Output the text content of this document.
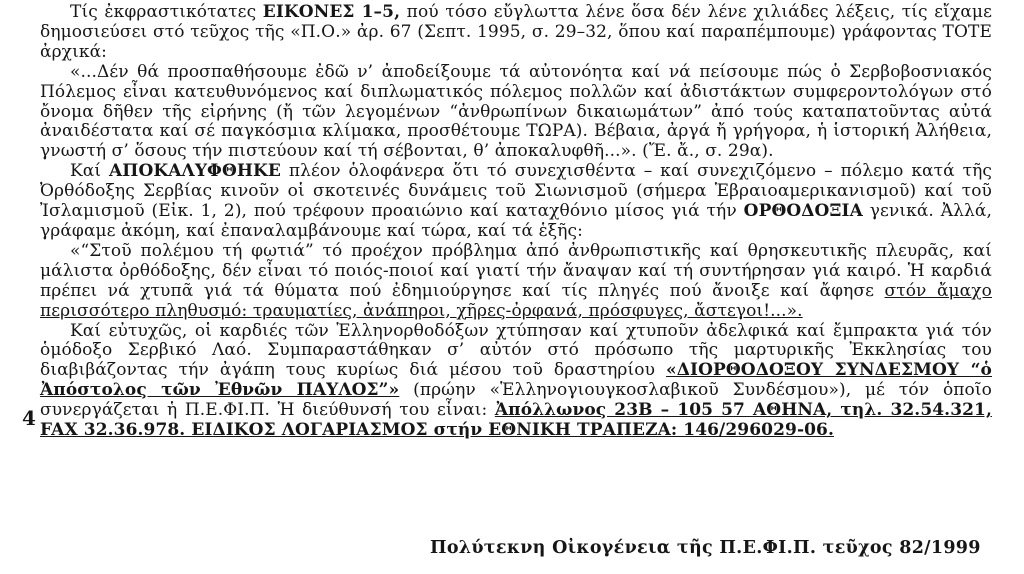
4

Τίς ἐκφραστικότατες ΕΙΚΟΝΕΣ 1–5, πού τόσο εὔγλωττα λένε ὅσα δέν λένε χιλιάδες λέξεις, τίς εἴχαμε δημοσιεύσει στό τεῦχος τῆς «Π.Ο.» ἀρ. 67 (Σεπτ. 1995, σ. 29–32, ὅπου καί παραπέμπουμε) γράφοντας ΤΟΤΕ ἀρχικά:

«...Δέν θά προσπαθήσουμε ἐδῶ ν’ ἀποδείξουμε τά αὐτονόητα καί νά πείσουμε πώς ὁ Σερβοβοσνιακός Πόλεμος εἶναι κατευθυνόμενος καί διπλωματικός πόλεμος πολλῶν καί ἀδιστάκτων συμφεροντολόγων στό ὄνομα δῆθεν τῆς εἰρήνης (ἤ τῶν λεγομένων “ἀνθρωπίνων δικαιωμάτων” ἀπό τούς καταπατοῦντας αὐτά ἀναιδέστατα καί σέ παγκόσμια κλίμακα, προσθέτουμε ΤΩΡΑ). Βέβαια, ἀργά ἤ γρήγορα, ἡ ἱστορική Ἀλήθεια, γνωστή σ’ ὅσους τήν πιστεύουν καί τή σέβονται, θ’ ἀποκαλυφθῆ...». (Ἔ. ἄ., σ. 29α).

Καί ΑΠΟΚΑΛΥΦΘΗΚΕ πλέον ὁλοφάνερα ὅτι τό συνεχισθέντα – καί συνεχιζόμενο – πόλεμο κατά τῆς Ὀρθόδοξης Σερβίας κινοῦν οἱ σκοτεινές δυνάμεις τοῦ Σιωνισμοῦ (σήμερα Ἑβραιοαμερικανισμοῦ) καί τοῦ Ἰσλαμισμοῦ (Εἰκ. 1, 2), πού τρέφουν προαιώνιο καί καταχθόνιο μίσος γιά τήν ΟΡΘΟΔΟΞΙΑ γενικά. Ἀλλά, γράφαμε ἀκόμη, καί ἐπαναλαμβάνουμε καί τώρα, καί τά ἑξῆς:

«“Στοῦ πολέμου τή φωτιά” τό προέχον πρόβλημα ἀπό ἀνθρωπιστικῆς καί θρησκευτικῆς πλευρᾶς, καί μάλιστα ὀρθόδοξης, δέν εἶναι τό ποιός-ποιοί καί γιατί τήν ἄναψαν καί τή συντήρησαν γιά καιρό. Ἡ καρδιά πρέπει νά χτυπᾶ γιά τά θύματα πού ἐδημιούργησε καί τίς πληγές πού ἄνοιξε καί ἄφησε στόν ἄμαχο περισσότερο πληθυσμό: τραυματίες, ἀνάπηροι, χῆρες-ὀρφανά, πρόσφυγες, ἄστεγοι!...».

Καί εὐτυχῶς, οἱ καρδιές τῶν Ἑλληνορθοδόξων χτύπησαν καί χτυποῦν ἀδελφικά καί ἔμπρακτα γιά τόν ὁμόδοξο Σερβικό Λαό. Συμπαραστάθηκαν σ’ αὐτόν στό πρόσωπο τῆς μαρτυρικῆς Ἐκκλησίας του διαβιβάζοντας τήν ἀγάπη τους κυρίως διά μέσου τοῦ δραστηρίου «ΔΙΟΡΘΟΔΟΞΟΥ ΣΥΝΔΕΣΜΟΥ “ὁ Ἀπόστολος τῶν Ἐθνῶν ΠΑΥΛΟΣ”» (πρώην «Ἑλληνογιουγκοσλαβικοῦ Συνδέσμου»), μέ τόν ὁποῖο συνεργάζεται ἡ Π.Ε.ΦΙ.Π. Ἡ διεύθυνσή του εἶναι: Ἀπόλλωνος 23Β – 105 57 ΑΘΗΝΑ, τηλ. 32.54.321, FAX 32.36.978. ΕΙΔΙΚΟΣ ΛΟΓΑΡΙΑΣΜΟΣ στήν ΕΘΝΙΚΗ ΤΡΑΠΕΖΑ: 146/296029-06.

Πολύτεκνη Οἰκογένεια τῆς Π.Ε.ΦΙ.Π. τεῦχος 82/1999
